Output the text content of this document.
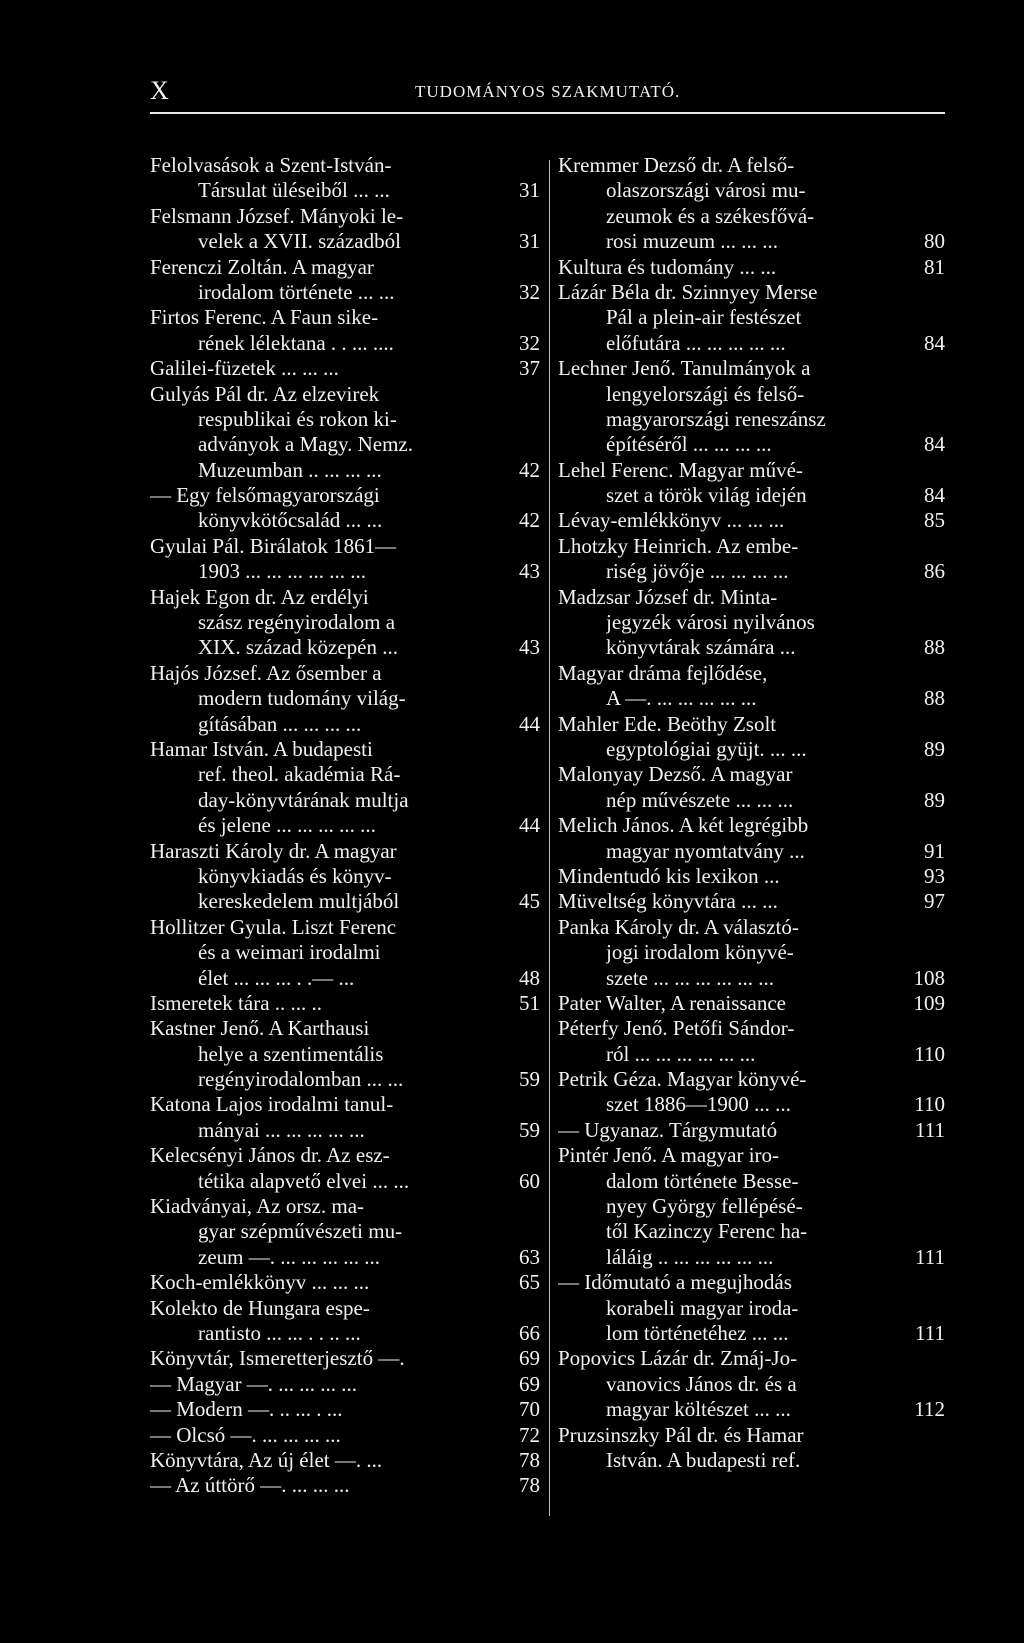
X	TUDOMÁNYOS SZAKMUTATÓ.
Felolvasások a Szent-István-
Társulat üléseiből ... ...	31
Felsmann József. Mányoki le-
velek a XVII. századból	31
Ferenczi Zoltán. A magyar
irodalom története ... ...	32
Firtos Ferenc. A Faun sike-
rének lélektana . . ... ....	32
Galilei-füzetek ... ... ...	37
Gulyás Pál dr. Az elzevirek
respublikai és rokon ki-
adványok a Magy. Nemz.
Muzeumban .. ... ... ...	42
— Egy felsőmagyarországi
könyvkötőcsalád ... ...	42
Gyulai Pál. Birálatok 1861—
1903 ... ... ... ... ... ...	43
Hajek Egon dr. Az erdélyi
szász regényirodalom a
XIX. század közepén ...	43
Hajós József. Az ősember a
modern tudomány világ-
gításában ... ... ... ...	44
Hamar István. A budapesti
ref. theol. akadémia Rá-
day-könyvtárának multja
és jelene ... ... ... ... ...	44
Haraszti Károly dr. A magyar
könyvkiadás és könyv-
kereskedelem multjából	45
Hollitzer Gyula. Liszt Ferenc
és a weimari irodalmi
élet ... ... ... . .— ...	48
Ismeretek tára .. ... ..	51
Kastner Jenő. A Karthausi
helye a szentimentális
regényirodalomban ... ...	59
Katona Lajos irodalmi tanul-
mányai ... ... ... ... ...	59
Kelecsényi János dr. Az esz-
tétika alapvető elvei ... ...	60
Kiadványai, Az orsz. ma-
gyar szépművészeti mu-
zeum —. ... ... ... ... ...	63
Koch-emlékkönyv ... ... ...	65
Kolekto de Hungara espe-
rantisto ... ... . . .. ...	66
Könyvtár, Ismeretterjesztő —.	69
— Magyar —. ... ... ... ...	69
— Modern —. .. ... . ...	70
— Olcsó —. ... ... ... ...	72
Könyvtára, Az új élet —. ...	78
— Az úttörő —. ... ... ...	78
Kremmer Dezső dr. A felső-
olaszországi városi mu-
zeumok és a székesfővá-
rosi muzeum ... ... ...	80
Kultura és tudomány ... ...	81
Lázár Béla dr. Szinnyey Merse
Pál a plein-air festészet
előfutára ... ... ... ... ...	84
Lechner Jenő. Tanulmányok a
lengyelországi és felső-
magyarországi reneszánsz
építéséről ... ... ... ...	84
Lehel Ferenc. Magyar művé-
szet a török világ idején	84
Lévay-emlékkönyv ... ... ...	85
Lhotzky Heinrich. Az embe-
riség jövője ... ... ... ...	86
Madzsar József dr. Minta-
jegyzék városi nyilvános
könyvtárak számára ...	88
Magyar dráma fejlődése,
A —. ... ... ... ... ...	88
Mahler Ede. Beöthy Zsolt
egyptológiai gyüjt. ... ...	89
Malonyay Dezső. A magyar
nép művészete ... ... ...	89
Melich János. A két legrégibb
magyar nyomtatvány ...	91
Mindentudó kis lexikon ...	93
Müveltség könyvtára ... ...	97
Panka Károly dr. A választó-
jogi irodalom könyvé-
szete ... ... ... ... ... ...	108
Pater Walter, A renaissance	109
Péterfy Jenő. Petőfi Sándor-
ról ... ... ... ... ... ...	110
Petrik Géza. Magyar könyvé-
szet 1886—1900 ... ...	110
— Ugyanaz. Tárgymutató	111
Pintér Jenő. A magyar iro-
dalom története Besse-
nyey György fellépésé-
től Kazinczy Ferenc ha-
láláig .. ... ... ... ... ...	111
— Időmutató a megujhodás
korabeli magyar iroda-
lom történetéhez ... ...	111
Popovics Lázár dr. Zmáj-Jo-
vanovics János dr. és a
magyar költészet ... ...	112
Pruzsinszky Pál dr. és Hamar
István. A budapesti ref.
